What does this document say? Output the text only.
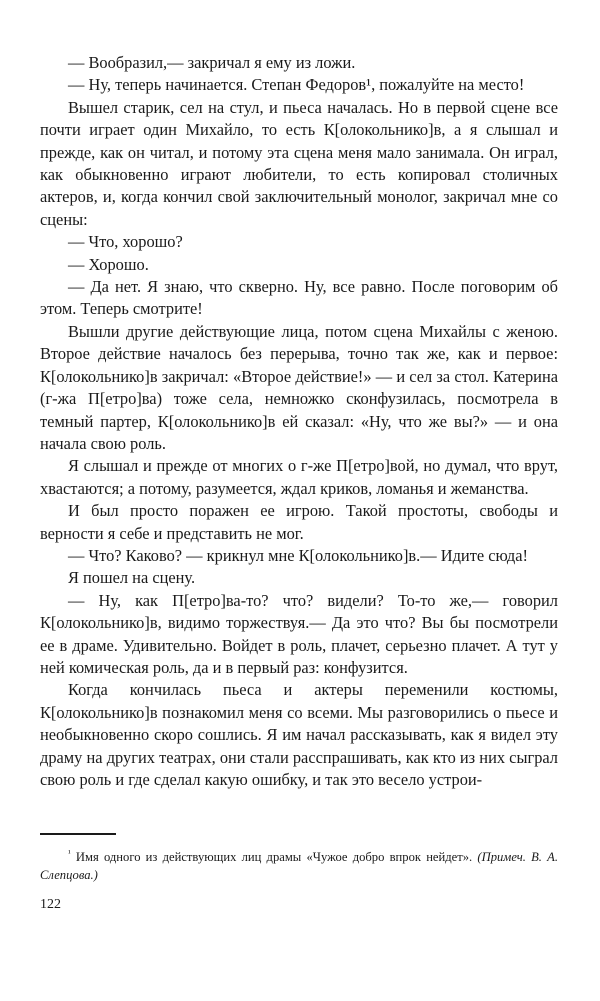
— Вообразил,— закричал я ему из ложи.

— Ну, теперь начинается. Степан Федоров¹, пожалуйте на место!

Вышел старик, сел на стул, и пьеса началась. Но в первой сцене все почти играет один Михайло, то есть К[олокольнико]в, а я слышал и прежде, как он читал, и потому эта сцена меня мало занимала. Он играл, как обыкновенно играют любители, то есть копировал столичных актеров, и, когда кончил свой заключительный монолог, закричал мне со сцены:

— Что, хорошо?

— Хорошо.

— Да нет. Я знаю, что скверно. Ну, все равно. После поговорим об этом. Теперь смотрите!

Вышли другие действующие лица, потом сцена Михайлы с женою. Второе действие началось без перерыва, точно так же, как и первое: К[олокольнико]в закричал: «Второе действие!» — и сел за стол. Катерина (г-жа П[етро]ва) тоже села, немножко сконфузилась, посмотрела в темный партер, К[олокольнико]в ей сказал: «Ну, что же вы?» — и она начала свою роль.

Я слышал и прежде от многих о г-же П[етро]вой, но думал, что врут, хвастаются; а потому, разумеется, ждал криков, ломанья и жеманства.

И был просто поражен ее игрою. Такой простоты, свободы и верности я себе и представить не мог.

— Что? Каково? — крикнул мне К[олокольнико]в.— Идите сюда!

Я пошел на сцену.

— Ну, как П[етро]ва-то? что? видели? То-то же,— говорил К[олокольнико]в, видимо торжествуя.— Да это что? Вы бы посмотрели ее в драме. Удивительно. Войдет в роль, плачет, серьезно плачет. А тут у ней комическая роль, да и в первый раз: конфузится.

Когда кончилась пьеса и актеры переменили костюмы, К[олокольнико]в познакомил меня со всеми. Мы разговорились о пьесе и необыкновенно скоро сошлись. Я им начал рассказывать, как я видел эту драму на других театрах, они стали расспрашивать, как кто из них сыграл свою роль и где сделал какую ошибку, и так это весело устрои-

$^{^1}$ Имя одного из действующих лиц драмы «Чужое добро впрок нейдет». (Примеч. В. А. Слепцова.)
122
